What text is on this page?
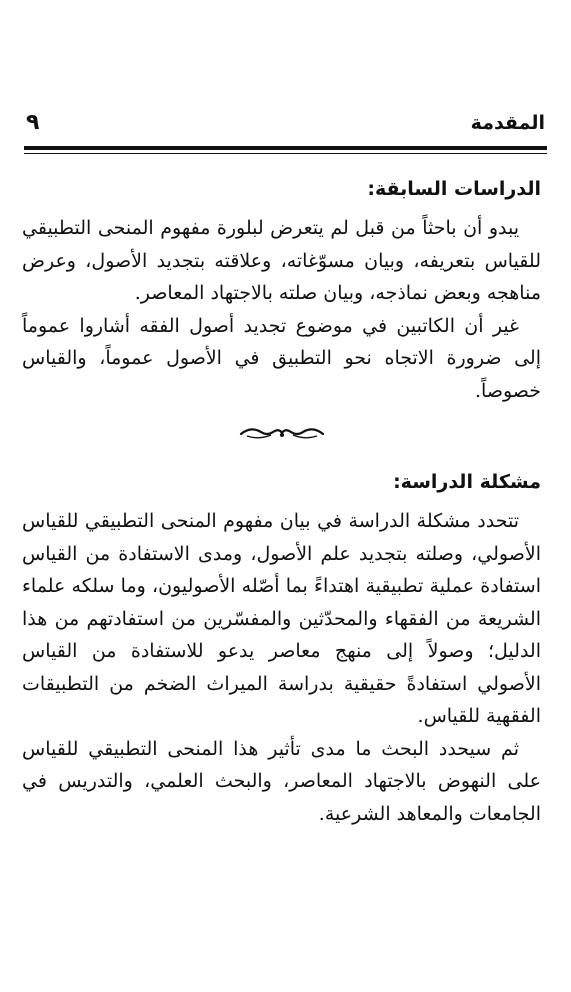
المقدمة
٩
الدراسات السابقة:

يبدو أن باحثاً من قبل لم يتعرض لبلورة مفهوم المنحى التطبيقي للقياس بتعريفه، وبيان مسوّغاته، وعلاقته بتجديد الأصول، وعرض مناهجه وبعض نماذجه، وبيان صلته بالاجتهاد المعاصر.

غير أن الكاتبين في موضوع تجديد أصول الفقه أشاروا عموماً إلى ضرورة الاتجاه نحو التطبيق في الأصول عموماً، والقياس خصوصاً.

مشكلة الدراسة:

تتحدد مشكلة الدراسة في بيان مفهوم المنحى التطبيقي للقياس الأصولي، وصلته بتجديد علم الأصول، ومدى الاستفادة من القياس استفادة عملية تطبيقية اهتداءً بما أصّله الأصوليون، وما سلكه علماء الشريعة من الفقهاء والمحدّثين والمفسّرين من استفادتهم من هذا الدليل؛ وصولاً إلى منهج معاصر يدعو للاستفادة من القياس الأصولي استفادةً حقيقية بدراسة الميراث الضخم من التطبيقات الفقهية للقياس.

ثم سيحدد البحث ما مدى تأثير هذا المنحى التطبيقي للقياس على النهوض بالاجتهاد المعاصر، والبحث العلمي، والتدريس في الجامعات والمعاهد الشرعية.
